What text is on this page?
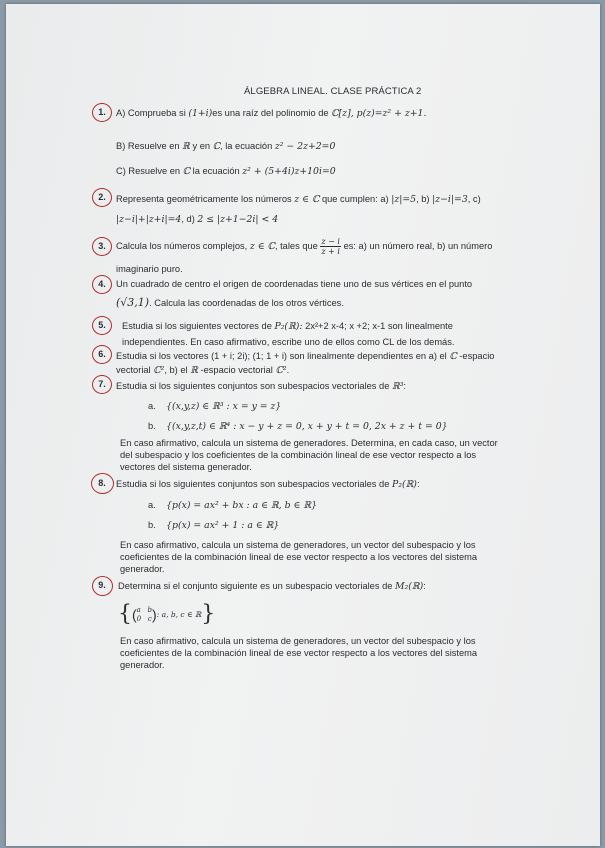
ÁLGEBRA LINEAL. CLASE PRÁCTICA 2
1.	A) Comprueba si (1+i)es una raíz del polinomio de ℂ[z], p(z)=z² + z+1.
B) Resuelve en ℝ y en ℂ, la ecuación z² − 2z+2=0
C) Resuelve en ℂ la ecuación z² + (5+4i)z+10i=0
2.	Representa geométricamente los números z ∈ ℂ que cumplen: a) |z|=5, b) |z−i|=3, c)
|z−i|+|z+i|=4, d) 2 ≤ |z+1−2i| < 4
3.	Calcula los números complejos, z ∈ ℂ, tales que $\frac{z - i}{z + i}$ es: a) un número real, b) un número
imaginario puro.
4.	Un cuadrado de centro el origen de coordenadas tiene uno de sus vértices en el punto
(√3,1). Calcula las coordenadas de los otros vértices.
5.	Estudia si los siguientes vectores de P₂(ℝ): 2x²+2 x-4; x +2; x-1 son linealmente
independientes. En caso afirmativo, escribe uno de ellos como CL de los demás.
6.	Estudia si los vectores (1 + i; 2i); (1; 1 + i) son linealmente dependientes en a) el ℂ -espacio
vectorial ℂ², b) el ℝ -espacio vectorial ℂ².
7.	Estudia si los siguientes conjuntos son subespacios vectoriales de ℝ³:
a. {(x,y,z) ∈ ℝ³ : x = y = z}
b. {(x,y,z,t) ∈ ℝ⁴ : x − y + z = 0, x + y + t = 0, 2x + z + t = 0}
En caso afirmativo, calcula un sistema de generadores. Determina, en cada caso, un vector
del subespacio y los coeficientes de la combinación lineal de ese vector respecto a los
vectores del sistema generador.
8.	Estudia si los siguientes conjuntos son subespacios vectoriales de P₂(ℝ):
a. {p(x) = ax² + bx : a ∈ ℝ, b ∈ ℝ}
b. {p(x) = ax² + 1 : a ∈ ℝ}
En caso afirmativo, calcula un sistema de generadores, un vector del subespacio y los
coeficientes de la combinación lineal de ese vector respecto a los vectores del sistema
generador.
9.	Determina si el conjunto siguiente es un subespacio vectoriales de M₂(ℝ):
{(a b
0 c): a, b, c ∈ ℝ}
En caso afirmativo, calcula un sistema de generadores, un vector del subespacio y los
coeficientes de la combinación lineal de ese vector respecto a los vectores del sistema
generador.
